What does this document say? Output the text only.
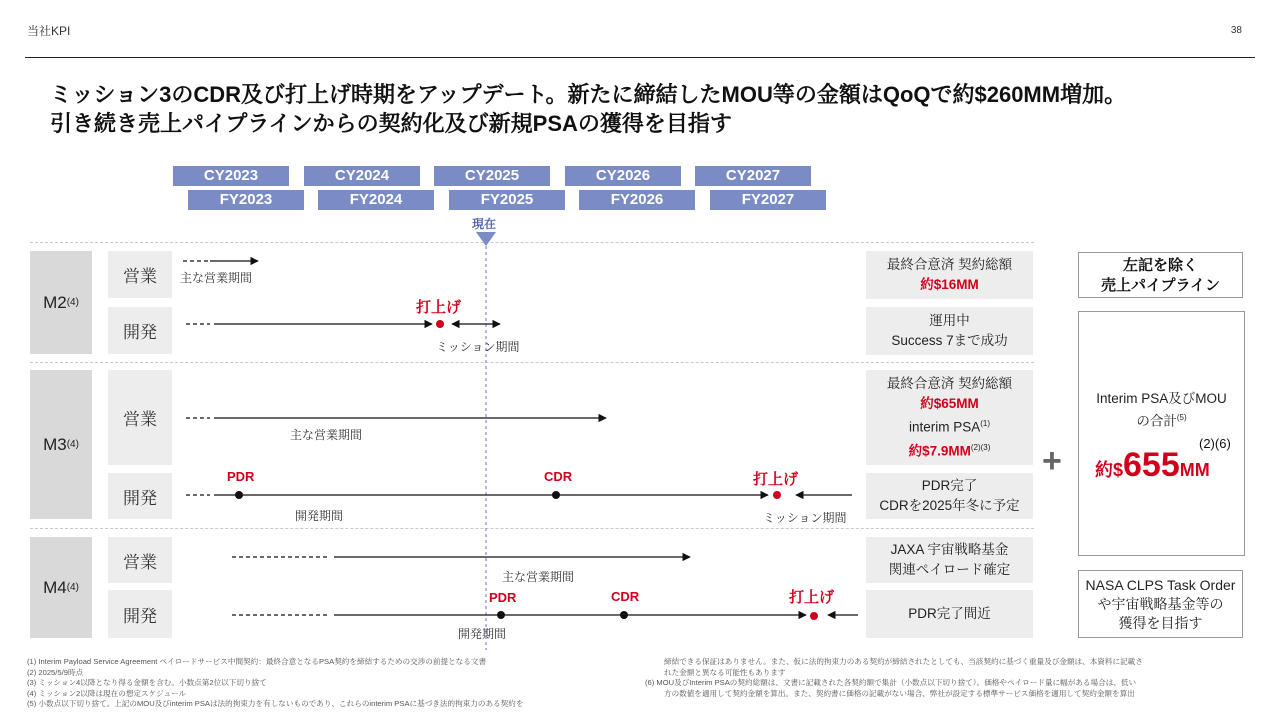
当社KPI	38
ミッション3のCDR及び打上げ時期をアップデート。新たに締結したMOU等の金額はQoQで約$260MM増加。
引き続き売上パイプラインからの契約化及び新規PSAの獲得を目指す
CY2023	CY2024	CY2025	CY2026	CY2027
FY2023	FY2024	FY2025	FY2026	FY2027
現在
M2 (4)
営業
開発
最終合意済 契約総額
約$16MM
運用中
Success 7まで成功
M3 (4)
営業
開発
最終合意済 契約総額
約$65MM
interim PSA$^{(1)}$
約$\$7.9MM^{(2)(3)}$
PDR完了
CDRを2025年冬に予定
M4 (4)
営業
開発
JAXA 宇宙戦略基金
関連ペイロード確定
PDR完了間近
主な営業期間
打上げ
ミッション期間
主な営業期間
PDR	CDR	打上げ
開発期間	ミッション期間
主な営業期間
PDR	CDR	打上げ
開発期間
+
左記を除く
売上パイプライン
Interim PSA及びMOU
の合計$^{(5)}$
(2)(6)
約$655MM
NASA CLPS Task Order
や宇宙戦略基金等の
獲得を目指す
(1) Interim Payload Service Agreement ペイロードサービス中間契約：最終合意となるPSA契約を締結するための交渉の前提となる文書
(2) 2025/5/9時点
(3) ミッション4以降となり得る金額を含む。小数点第2位以下切り捨て
(4) ミッション2以降は現在の想定スケジュール
(5) 小数点以下切り捨て。上記のMOU及びinterim PSAは法的拘束力を有しないものであり、これらのinterim PSAに基づき法的拘束力のある契約を
締結できる保証はありません。また、仮に法的拘束力のある契約が締結されたとしても、当該契約に基づく重量及び金額は、本資料に記載さ
れた金額と異なる可能性もあります
(6) MOU及びInterim PSAの契約総額は、文書に記載された各契約額で集計（小数点以下切り捨て）。価格やペイロード量に幅がある場合は、低い
方の数値を適用して契約金額を算出。また、契約書に価格の記載がない場合、弊社が設定する標準サービス価格を適用して契約金額を算出
